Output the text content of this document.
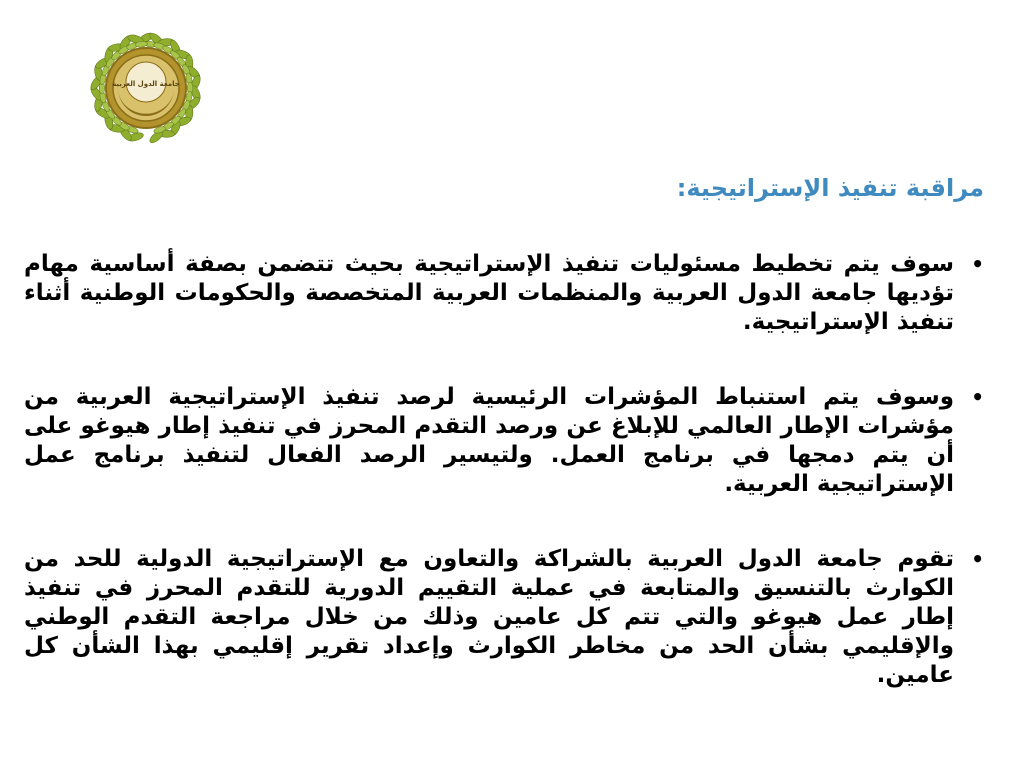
جامعة الدول العربية
مراقبة تنفيذ الإستراتيجية:
•
سوف يتم تخطيط مسئوليات تنفيذ الإستراتيجية بحيث تتضمن بصفة أساسية مهام تؤديها جامعة الدول العربية والمنظمات العربية المتخصصة والحكومات الوطنية أثناء تنفيذ الإستراتيجية.
•
وسوف يتم استنباط المؤشرات الرئيسية لرصد تنفيذ الإستراتيجية العربية من مؤشرات الإطار العالمي للإبلاغ عن ورصد التقدم المحرز في تنفيذ إطار هيوغو على أن يتم دمجها في برنامج العمل. ولتيسير الرصد الفعال لتنفيذ برنامج عمل الإستراتيجية العربية.
•
تقوم جامعة الدول العربية بالشراكة والتعاون مع الإستراتيجية الدولية للحد من الكوارث بالتنسيق والمتابعة في عملية التقييم الدورية للتقدم المحرز في تنفيذ إطار عمل هيوغو والتي تتم كل عامين وذلك من خلال مراجعة التقدم الوطني والإقليمي بشأن الحد من مخاطر الكوارث وإعداد تقرير إقليمي بهذا الشأن كل عامين.
